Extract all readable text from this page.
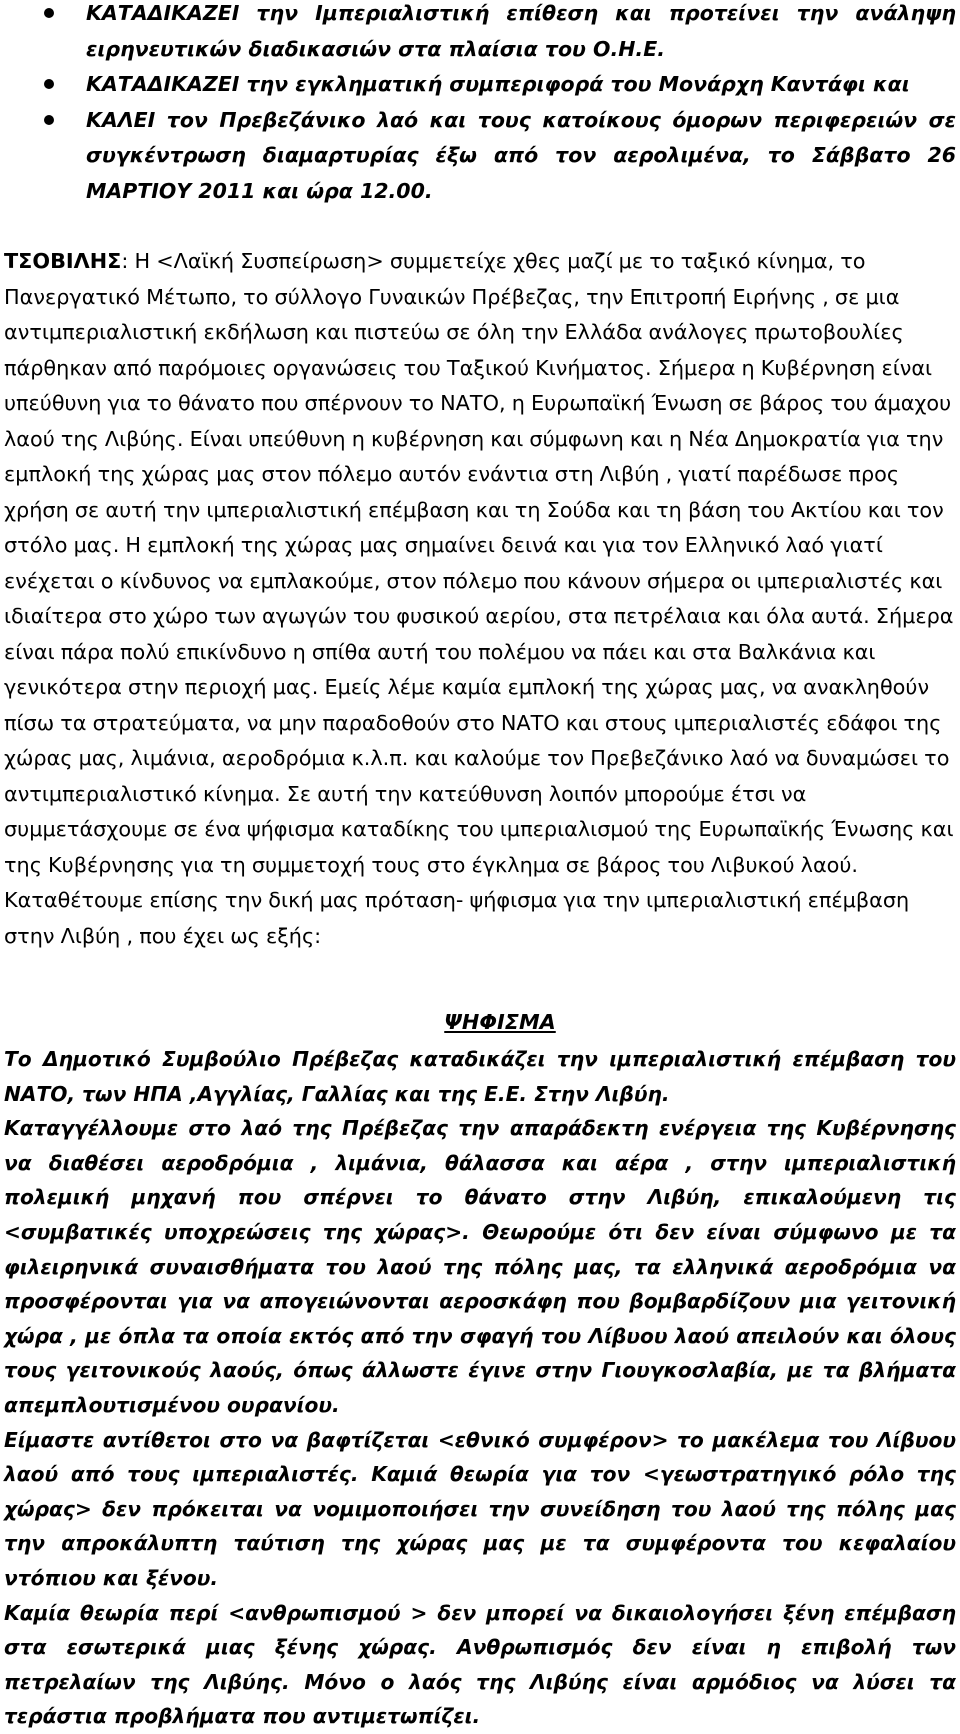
ΚΑΤΑΔΙΚΑΖΕΙ την Ιμπεριαλιστική επίθεση και προτείνει την ανάληψη ειρηνευτικών διαδικασιών στα πλαίσια του Ο.Η.Ε.
ΚΑΤΑΔΙΚΑΖΕΙ την εγκληματική συμπεριφορά του Μονάρχη Καντάφι και
ΚΑΛΕΙ τον Πρεβεζάνικο λαό και τους κατοίκους όμορων περιφερειών σε συγκέντρωση διαμαρτυρίας έξω από τον αερολιμένα, το Σάββατο 26 ΜΑΡΤΙΟΥ 2011 και ώρα 12.00.
ΤΣΟΒΙΛΗΣ: Η <Λαϊκή Συσπείρωση> συμμετείχε χθες μαζί με το ταξικό κίνημα, το Πανεργατικό Μέτωπο, το σύλλογο Γυναικών Πρέβεζας, την Επιτροπή Ειρήνης , σε μια αντιμπεριαλιστική εκδήλωση και πιστεύω σε όλη την Ελλάδα ανάλογες πρωτοβουλίες πάρθηκαν από παρόμοιες οργανώσεις του Ταξικού Κινήματος. Σήμερα η Κυβέρνηση είναι υπεύθυνη για το θάνατο που σπέρνουν το ΝΑΤΟ, η Ευρωπαϊκή Ένωση σε βάρος του άμαχου λαού της Λιβύης. Είναι υπεύθυνη η κυβέρνηση και σύμφωνη και η Νέα Δημοκρατία για την εμπλοκή της χώρας μας στον πόλεμο αυτόν ενάντια στη Λιβύη , γιατί παρέδωσε προς χρήση σε αυτή την ιμπεριαλιστική επέμβαση και τη Σούδα και τη βάση του Ακτίου και τον στόλο μας. Η εμπλοκή της χώρας μας σημαίνει δεινά και για τον Ελληνικό λαό γιατί ενέχεται ο κίνδυνος να εμπλακούμε, στον πόλεμο που κάνουν σήμερα οι ιμπεριαλιστές και ιδιαίτερα στο χώρο των αγωγών του φυσικού αερίου, στα πετρέλαια και όλα αυτά. Σήμερα είναι πάρα πολύ επικίνδυνο η σπίθα αυτή του πολέμου να πάει και στα Βαλκάνια και γενικότερα στην περιοχή μας. Εμείς λέμε καμία εμπλοκή της χώρας μας, να ανακληθούν πίσω τα στρατεύματα, να μην παραδοθούν στο ΝΑΤΟ και στους ιμπεριαλιστές εδάφοι της χώρας μας, λιμάνια, αεροδρόμια κ.λ.π. και καλούμε τον Πρεβεζάνικο λαό να δυναμώσει το αντιμπεριαλιστικό κίνημα. Σε αυτή την κατεύθυνση λοιπόν μπορούμε έτσι να συμμετάσχουμε σε ένα ψήφισμα καταδίκης του ιμπεριαλισμού της Ευρωπαϊκής Ένωσης και της Κυβέρνησης για τη συμμετοχή τους στο έγκλημα σε βάρος του Λιβυκού λαού.
Καταθέτουμε επίσης την δική μας πρόταση- ψήφισμα για την ιμπεριαλιστική επέμβαση στην Λιβύη , που έχει ως εξής:
ΨΗΦΙΣΜΑ

Το Δημοτικό Συμβούλιο Πρέβεζας καταδικάζει την ιμπεριαλιστική επέμβαση του ΝΑΤΟ, των ΗΠΑ ,Αγγλίας, Γαλλίας και της Ε.Ε. Στην Λιβύη.

Καταγγέλλουμε στο λαό της Πρέβεζας την απαράδεκτη ενέργεια της Κυβέρνησης να διαθέσει αεροδρόμια , λιμάνια, θάλασσα και αέρα , στην ιμπεριαλιστική πολεμική μηχανή που σπέρνει το θάνατο στην Λιβύη, επικαλούμενη τις <συμβατικές υποχρεώσεις της χώρας>. Θεωρούμε ότι δεν είναι σύμφωνο με τα φιλειρηνικά συναισθήματα του λαού της πόλης μας, τα ελληνικά αεροδρόμια να προσφέρονται για να απογειώνονται αεροσκάφη που βομβαρδίζουν μια γειτονική χώρα , με όπλα τα οποία εκτός από την σφαγή του Λίβυου λαού απειλούν και όλους τους γειτονικούς λαούς, όπως άλλωστε έγινε στην Γιουγκοσλαβία, με τα βλήματα απεμπλουτισμένου ουρανίου.

Είμαστε αντίθετοι στο να βαφτίζεται <εθνικό συμφέρον> το μακέλεμα του Λίβυου λαού από τους ιμπεριαλιστές. Καμιά θεωρία για τον <γεωστρατηγικό ρόλο της χώρας> δεν πρόκειται να νομιμοποιήσει την συνείδηση του λαού της πόλης μας την απροκάλυπτη ταύτιση της χώρας μας με τα συμφέροντα του κεφαλαίου ντόπιου και ξένου.

Καμία θεωρία περί <ανθρωπισμού > δεν μπορεί να δικαιολογήσει ξένη επέμβαση στα εσωτερικά μιας ξένης χώρας. Ανθρωπισμός δεν είναι η επιβολή των πετρελαίων της Λιβύης. Μόνο ο λαός της Λιβύης είναι αρμόδιος να λύσει τα τεράστια προβλήματα που αντιμετωπίζει.
